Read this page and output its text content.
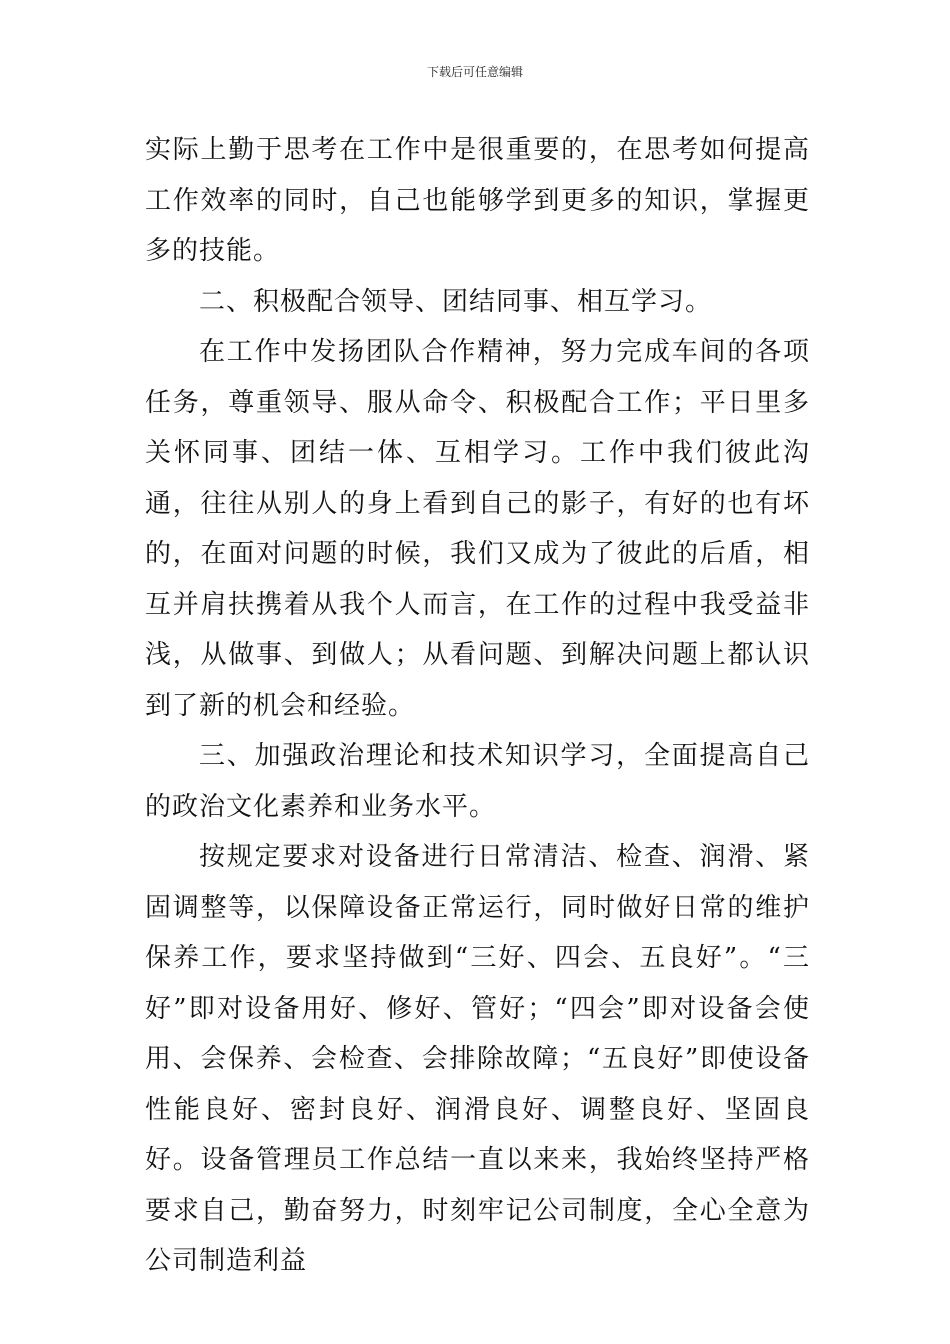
下载后可任意编辑

实际上勤于思考在工作中是很重要的，在思考如何提高工作效率的同时，自己也能够学到更多的知识，掌握更多的技能。

二、积极配合领导、团结同事、相互学习。

在工作中发扬团队合作精神，努力完成车间的各项任务，尊重领导、服从命令、积极配合工作；平日里多关怀同事、团结一体、互相学习。工作中我们彼此沟通，往往从别人的身上看到自己的影子，有好的也有坏的，在面对问题的时候，我们又成为了彼此的后盾，相互并肩扶携着从我个人而言，在工作的过程中我受益非浅，从做事、到做人；从看问题、到解决问题上都认识到了新的机会和经验。

三、加强政治理论和技术知识学习，全面提高自己的政治文化素养和业务水平。

按规定要求对设备进行日常清洁、检查、润滑、紧固调整等，以保障设备正常运行，同时做好日常的维护保养工作，要求坚持做到“三好、四会、五良好”。“三好”即对设备用好、修好、管好；“四会”即对设备会使用、会保养、会检查、会排除故障；“五良好”即使设备性能良好、密封良好、润滑良好、调整良好、坚固良好。设备管理员工作总结一直以来来，我始终坚持严格要求自己，勤奋努力，时刻牢记公司制度，全心全意为公司制造利益
